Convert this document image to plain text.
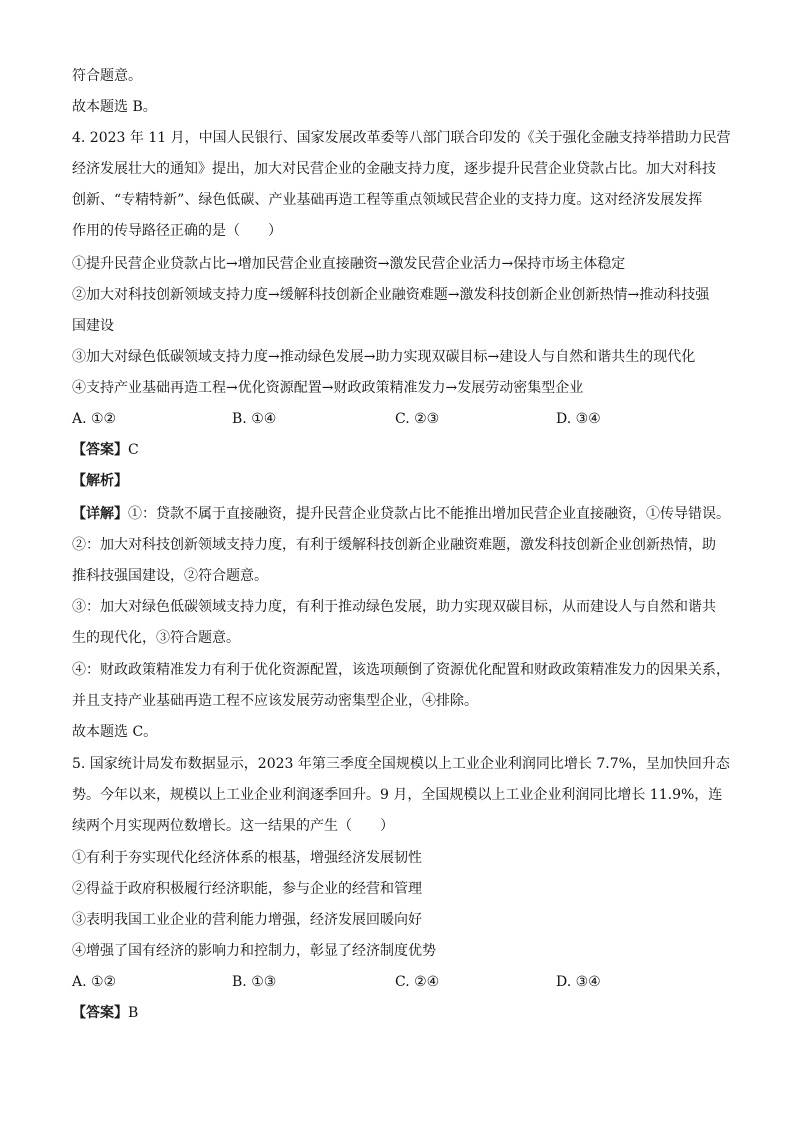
符合题意。
故本题选 B。
4. 2023 年 11 月，中国人民银行、国家发展改革委等八部门联合印发的《关于强化金融支持举措助力民营
经济发展壮大的通知》提出，加大对民营企业的金融支持力度，逐步提升民营企业贷款占比。加大对科技
创新、“专精特新”、绿色低碳、产业基础再造工程等重点领域民营企业的支持力度。这对经济发展发挥
作用的传导路径正确的是（　　）
①提升民营企业贷款占比→增加民营企业直接融资→激发民营企业活力→保持市场主体稳定
②加大对科技创新领域支持力度→缓解科技创新企业融资难题→激发科技创新企业创新热情→推动科技强
国建设
③加大对绿色低碳领域支持力度→推动绿色发展→助力实现双碳目标→建设人与自然和谐共生的现代化
④支持产业基础再造工程→优化资源配置→财政政策精准发力→发展劳动密集型企业
A. ①②	B. ①④	C. ②③	D. ③④
【答案】C
【解析】
【详解】①：贷款不属于直接融资，提升民营企业贷款占比不能推出增加民营企业直接融资，①传导错误。
②：加大对科技创新领域支持力度，有利于缓解科技创新企业融资难题，激发科技创新企业创新热情，助
推科技强国建设，②符合题意。
③：加大对绿色低碳领域支持力度，有利于推动绿色发展，助力实现双碳目标，从而建设人与自然和谐共
生的现代化，③符合题意。
④：财政政策精准发力有利于优化资源配置，该选项颠倒了资源优化配置和财政政策精准发力的因果关系，
并且支持产业基础再造工程不应该发展劳动密集型企业，④排除。
故本题选 C。
5. 国家统计局发布数据显示，2023 年第三季度全国规模以上工业企业利润同比增长 7.7%，呈加快回升态
势。今年以来，规模以上工业企业利润逐季回升。9 月，全国规模以上工业企业利润同比增长 11.9%，连
续两个月实现两位数增长。这一结果的产生（　　）
①有利于夯实现代化经济体系的根基，增强经济发展韧性
②得益于政府积极履行经济职能，参与企业的经营和管理
③表明我国工业企业的营利能力增强，经济发展回暖向好
④增强了国有经济的影响力和控制力，彰显了经济制度优势
A. ①②	B. ①③	C. ②④	D. ③④
【答案】B
